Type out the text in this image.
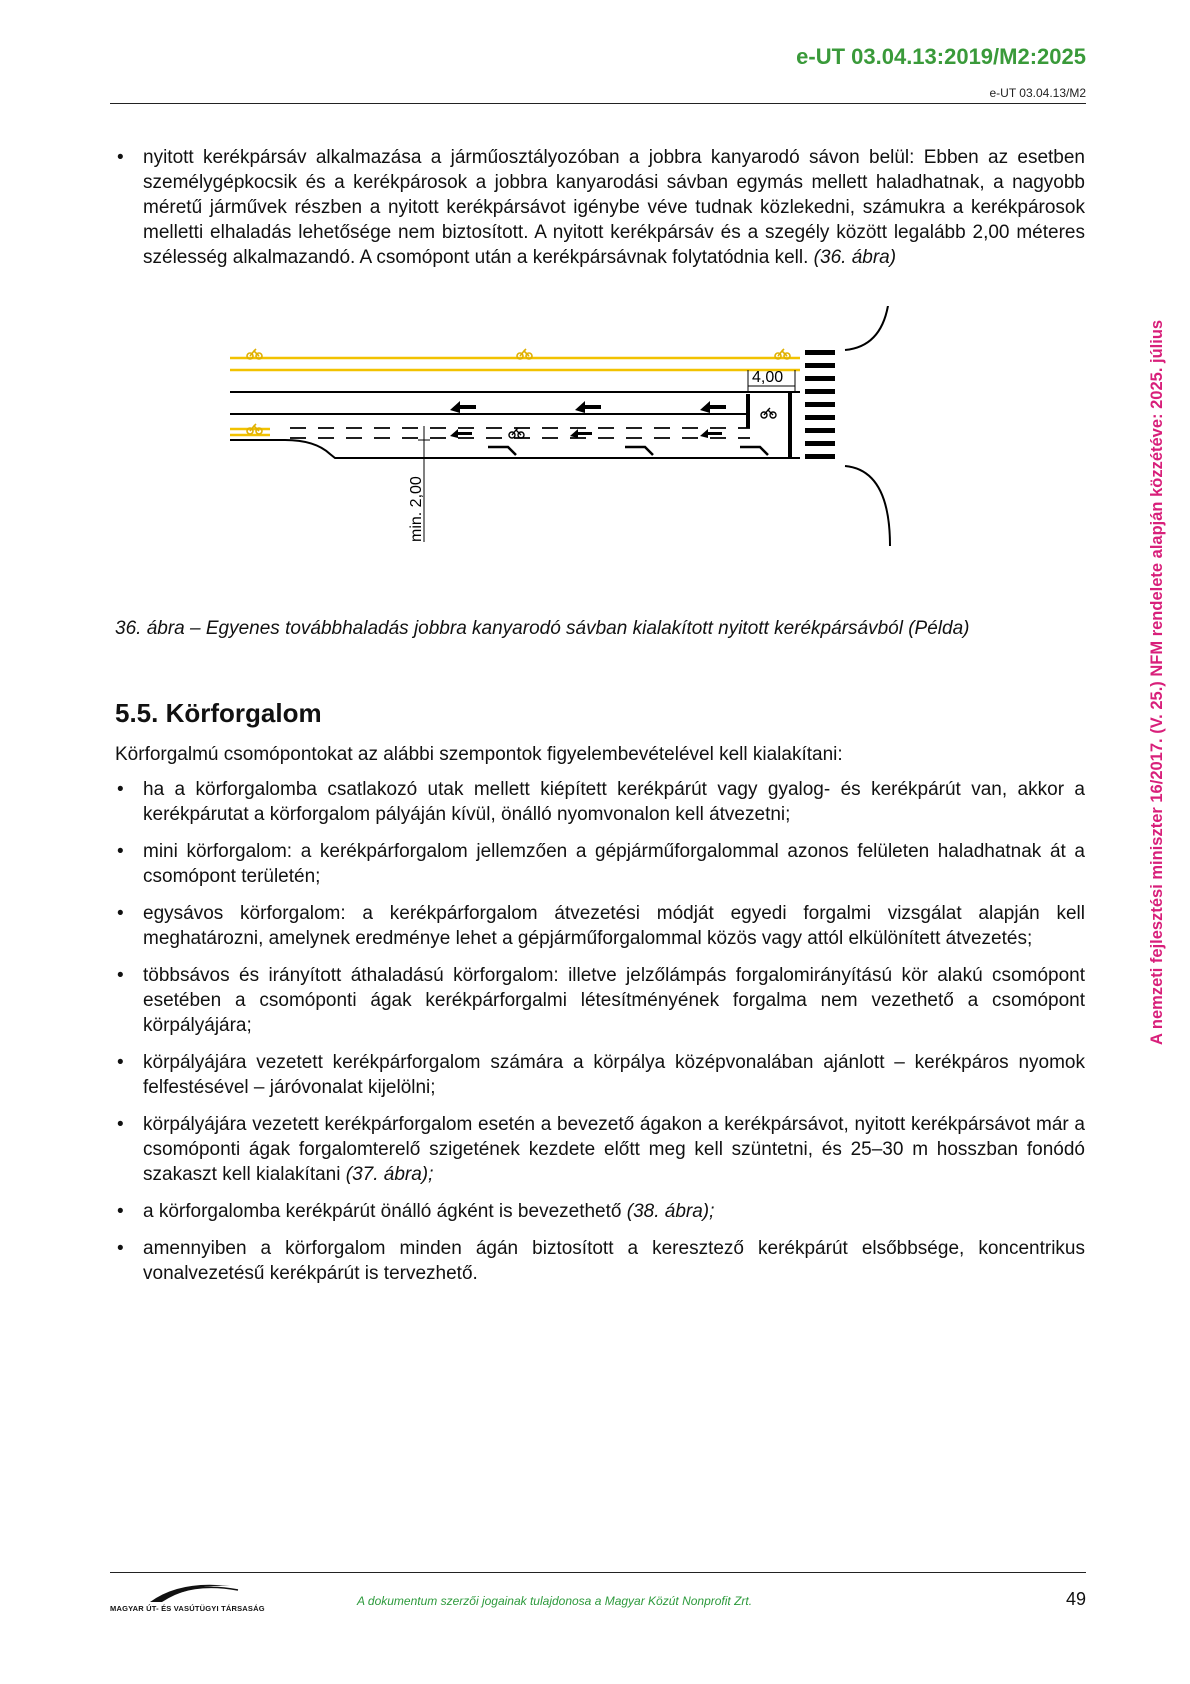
e-UT 03.04.13:2019/M2:2025
e-UT 03.04.13/M2
A nemzeti fejlesztési miniszter 16/2017. (V. 25.) NFM rendelete alapján közzétéve: 2025. július
• nyitott kerékpársáv alkalmazása a járműosztályozóban a jobbra kanyarodó sávon belül: Ebben az esetben személygépkocsik és a kerékpárosok a jobbra kanyarodási sávban egymás mellett haladhatnak, a nagyobb méretű járművek részben a nyitott kerékpársávot igénybe véve tudnak közlekedni, számukra a kerékpárosok melletti elhaladás lehetősége nem biztosított. A nyitott kerékpársáv és a szegély között legalább 2,00 méteres szélesség alkalmazandó. A csomópont után a kerékpársávnak folytatódnia kell. (36. ábra)
4,00
min. 2,00
36. ábra – Egyenes továbbhaladás jobbra kanyarodó sávban kialakított nyitott kerékpársávból (Példa)
5.5. Körforgalom
Körforgalmú csomópontokat az alábbi szempontok figyelembevételével kell kialakítani:
• ha a körforgalomba csatlakozó utak mellett kiépített kerékpárút vagy gyalog- és kerékpárút van, akkor a kerékpárutat a körforgalom pályáján kívül, önálló nyomvonalon kell átvezetni;
• mini körforgalom: a kerékpárforgalom jellemzően a gépjárműforgalommal azonos felületen haladhatnak át a csomópont területén;
• egysávos körforgalom: a kerékpárforgalom átvezetési módját egyedi forgalmi vizsgálat alapján kell meghatározni, amelynek eredménye lehet a gépjárműforgalommal közös vagy attól elkülönített átvezetés;
• többsávos és irányított áthaladású körforgalom: illetve jelzőlámpás forgalomirányítású kör alakú csomópont esetében a csomóponti ágak kerékpárforgalmi létesítményének forgalma nem vezethető a csomópont körpályájára;
• körpályájára vezetett kerékpárforgalom számára a körpálya középvonalában ajánlott – kerékpáros nyomok felfestésével – járóvonalat kijelölni;
• körpályájára vezetett kerékpárforgalom esetén a bevezető ágakon a kerékpársávot, nyitott kerékpársávot már a csomóponti ágak forgalomterelő szigetének kezdete előtt meg kell szüntetni, és 25–30 m hosszban fonódó szakaszt kell kialakítani (37. ábra);
• a körforgalomba kerékpárút önálló ágként is bevezethető (38. ábra);
• amennyiben a körforgalom minden ágán biztosított a keresztező kerékpárút elsőbbsége, koncentrikus vonalvezetésű kerékpárút is tervezhető.
MAGYAR ÚT- ÉS VASÚTÜGYI TÁRSASÁG
A dokumentum szerzői jogainak tulajdonosa a Magyar Közút Nonprofit Zrt.	49
